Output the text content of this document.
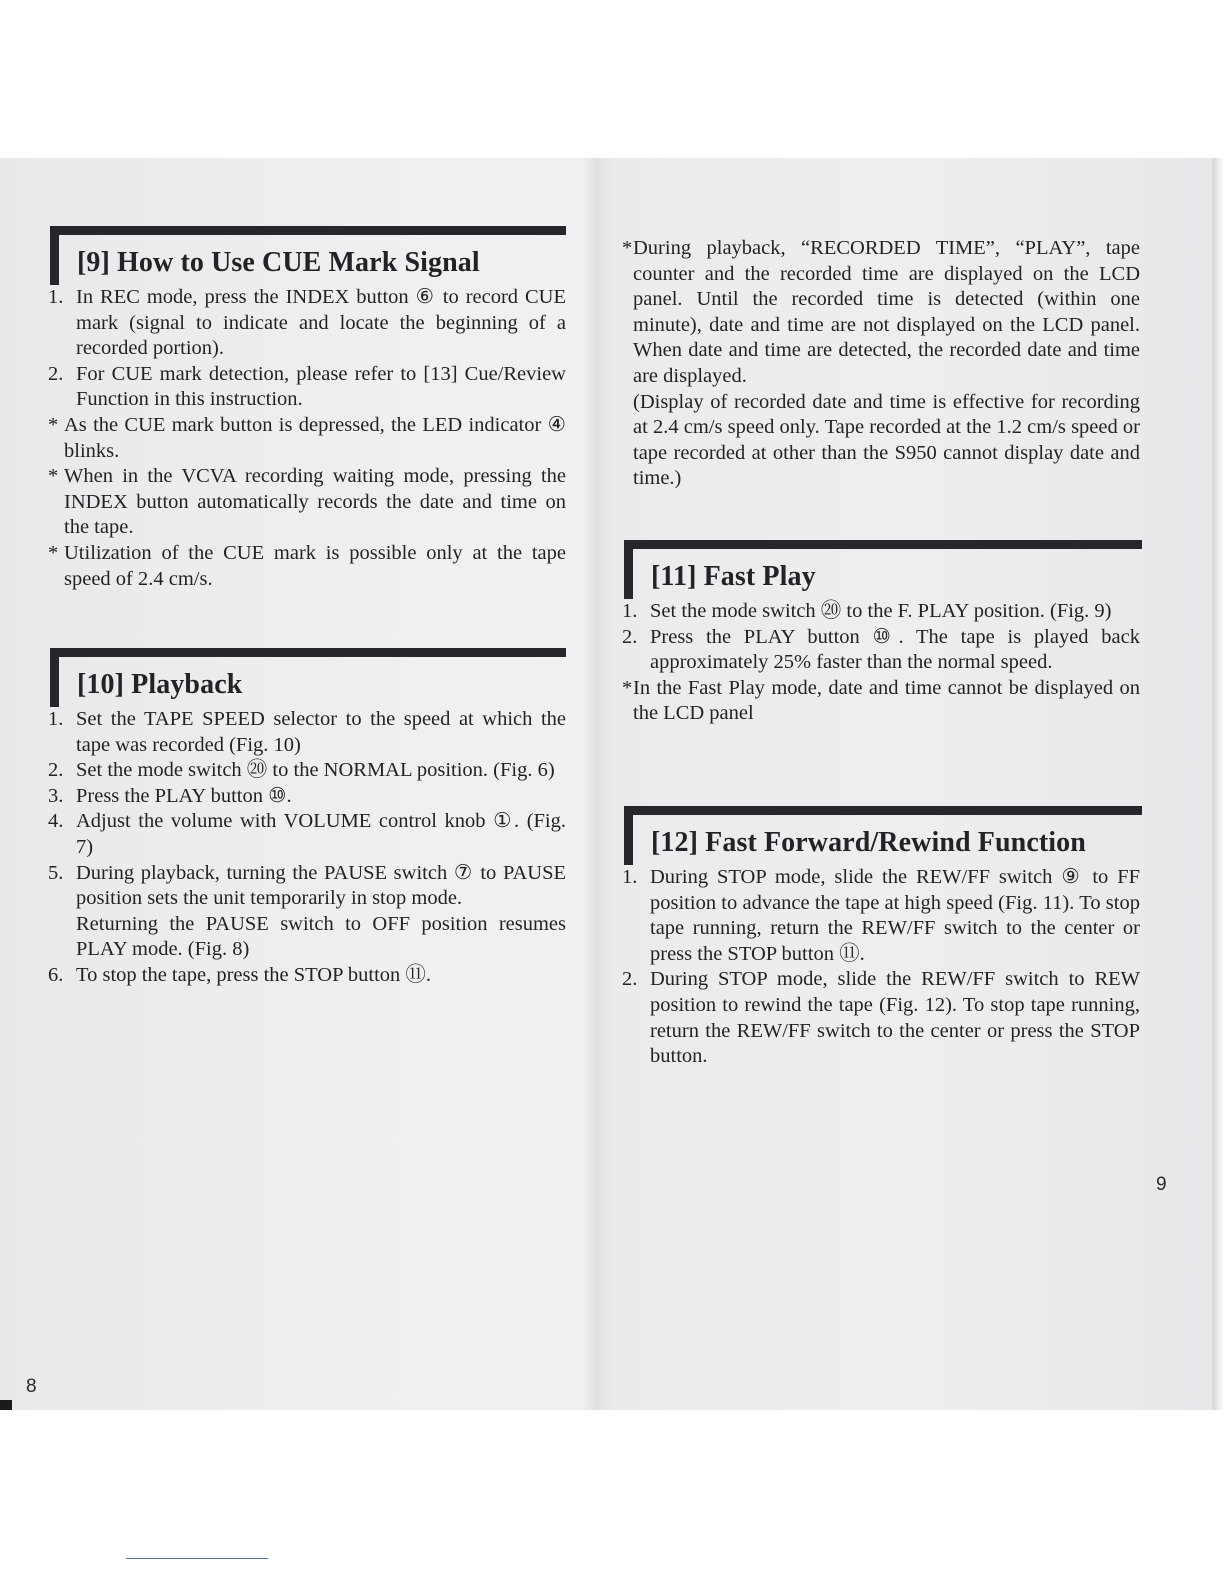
[9] How to Use CUE Mark Signal
1. In REC mode, press the INDEX button ⑥ to record CUE mark (signal to indicate and locate the beginning of a recorded portion).

2. For CUE mark detection, please refer to [13] Cue/Review Function in this instruction.

* As the CUE mark button is depressed, the LED indicator ④ blinks.

* When in the VCVA recording waiting mode, pressing the INDEX button automatically records the date and time on the tape.

* Utilization of the CUE mark is possible only at the tape speed of 2.4 cm/s.

[10] Playback
1. Set the TAPE SPEED selector to the speed at which the tape was recorded (Fig. 10)

2. Set the mode switch ⑳ to the NORMAL position. (Fig. 6)

3. Press the PLAY button ⑩.

4. Adjust the volume with VOLUME control knob ①. (Fig. 7)

5. During playback, turning the PAUSE switch ⑦ to PAUSE position sets the unit temporarily in stop mode.

Returning the PAUSE switch to OFF position resumes PLAY mode. (Fig. 8)

6. To stop the tape, press the STOP button ⑪.

8
* During playback, “RECORDED TIME”, “PLAY”, tape counter and the recorded time are displayed on the LCD panel. Until the recorded time is detected (within one minute), date and time are not displayed on the LCD panel. When date and time are detected, the recorded date and time are displayed.

(Display of recorded date and time is effective for recording at 2.4 cm/s speed only. Tape recorded at the 1.2 cm/s speed or tape recorded at other than the S950 cannot display date and time.)

[11] Fast Play
1. Set the mode switch ⑳ to the F. PLAY position. (Fig. 9)

2. Press the PLAY button ⑩. The tape is played back approximately 25% faster than the normal speed.

* In the Fast Play mode, date and time cannot be displayed on the LCD panel

[12] Fast Forward/Rewind Function
1. During STOP mode, slide the REW/FF switch ⑨ to FF position to advance the tape at high speed (Fig. 11). To stop tape running, return the REW/FF switch to the center or press the STOP button ⑪.

2. During STOP mode, slide the REW/FF switch to REW position to rewind the tape (Fig. 12). To stop tape running, return the REW/FF switch to the center or press the STOP button.

9
